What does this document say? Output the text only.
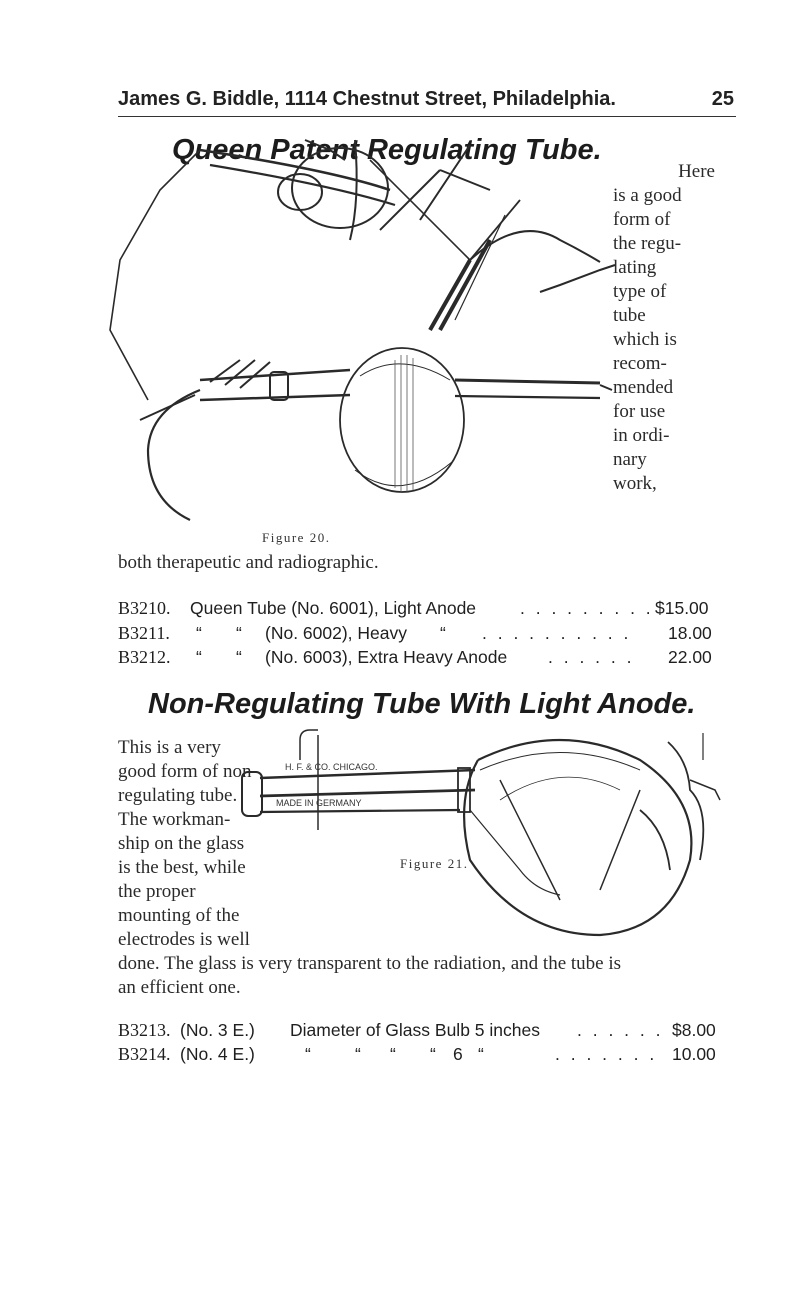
James G. Biddle, 1114 Chestnut Street, Philadelphia.	25
Queen Patent Regulating Tube.
Figure 20.
Here
is a good
form of
the regu-
lating
type of
tube
which is
recom-
mended
for use
in ordi-
nary
work,
both therapeutic and radiographic.
B3210. Queen Tube (No. 6001), Light Anode	. . . . . . . . . $15.00
B3211. “ “ (No. 6002), Heavy “ . . . . . . . . . . 18.00
B3212. “ “ (No. 6003), Extra Heavy Anode . . . . . . 22.00
Non-Regulating Tube With Light Anode.
H. F. & CO. CHICAGO.
MADE IN GERMANY
Figure 21.
This is a very
good form of non-
regulating tube.
The workman-
ship on the glass
is the best, while
the proper
mounting of the
electrodes is well
done. The glass is very transparent to the radiation, and the tube is
an efficient one.
B3213. (No. 3 E.) Diameter of Glass Bulb 5 inches . . . . . . $8.00
B3214. (No. 4 E.)	“	“ “ “ 6 “	. . . . . . . 10.00
